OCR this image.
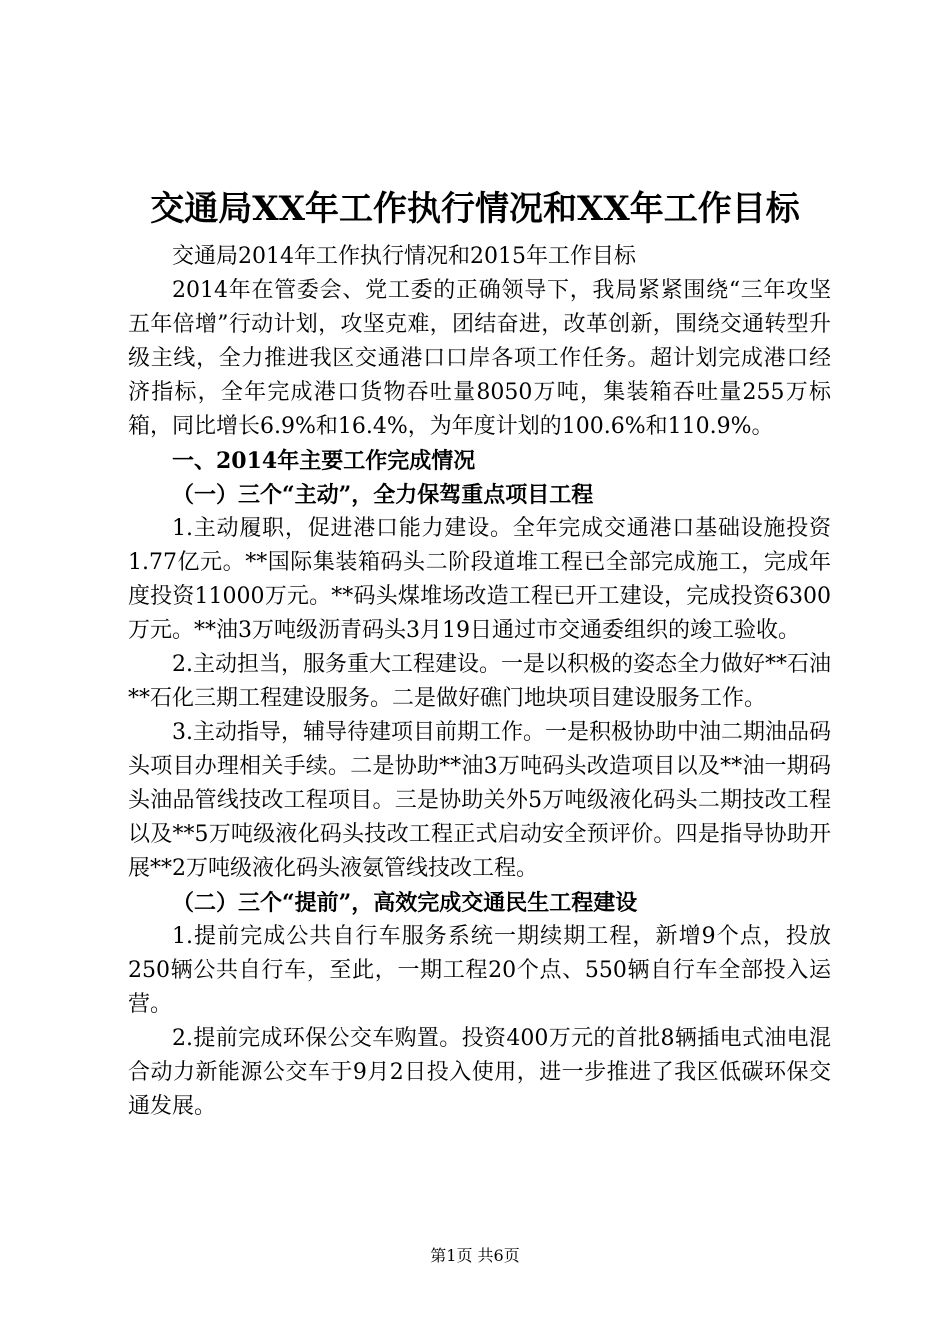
交通局XX年工作执行情况和XX年工作目标

交通局2014年工作执行情况和2015年工作目标

2014年在管委会、党工委的正确领导下，我局紧紧围绕“三年攻坚五年倍增”行动计划，攻坚克难，团结奋进，改革创新，围绕交通转型升级主线，全力推进我区交通港口口岸各项工作任务。超计划完成港口经济指标，全年完成港口货物吞吐量8050万吨，集装箱吞吐量255万标箱，同比增长6.9%和16.4%，为年度计划的100.6%和110.9%。

一、2014年主要工作完成情况

（一）三个“主动”，全力保驾重点项目工程

1.主动履职，促进港口能力建设。全年完成交通港口基础设施投资1.77亿元。**国际集装箱码头二阶段道堆工程已全部完成施工，完成年度投资11000万元。**码头煤堆场改造工程已开工建设，完成投资6300万元。**油3万吨级沥青码头3月19日通过市交通委组织的竣工验收。

2.主动担当，服务重大工程建设。一是以积极的姿态全力做好**石油**石化三期工程建设服务。二是做好礁门地块项目建设服务工作。

3.主动指导，辅导待建项目前期工作。一是积极协助中油二期油品码头项目办理相关手续。二是协助**油3万吨码头改造项目以及**油一期码头油品管线技改工程项目。三是协助关外5万吨级液化码头二期技改工程以及**5万吨级液化码头技改工程正式启动安全预评价。四是指导协助开展**2万吨级液化码头液氨管线技改工程。

（二）三个“提前”，高效完成交通民生工程建设

1.提前完成公共自行车服务系统一期续期工程，新增9个点，投放250辆公共自行车，至此，一期工程20个点、550辆自行车全部投入运营。

2.提前完成环保公交车购置。投资400万元的首批8辆插电式油电混合动力新能源公交车于9月2日投入使用，进一步推进了我区低碳环保交通发展。

第1页 共6页
